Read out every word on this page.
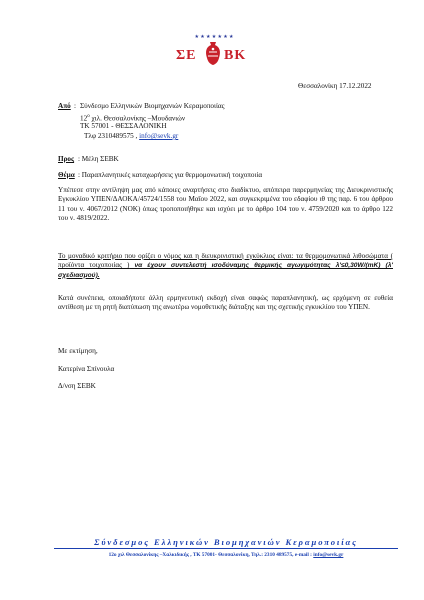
★ ★ ★ ★ ★ ★ ★
ΣΕ ΒΚ
Θεσσαλονίκη 17.12.2022
Από : Σύνδεσμο Ελληνικών Βιομηχανιών Κεραμοποιίας
$12^o$ χιλ. Θεσσαλονίκης –Μουδανιών
ΤΚ 57001 - ΘΕΣΣΑΛΟΝΙΚΗ
Τλφ 2310489575 , info@sevk.gr
Προς : Μέλη ΣΕΒΚ
Θέμα : Παραπλανητικές καταχωρήσεις για θερμομονωτική τοιχοποιία
Υπέπεσε στην αντίληψη μας από κάποιες αναρτήσεις στο διαδίκτυο, απόπειρα παρερμηνείας της Διευκρινιστικής Εγκυκλίου ΥΠΕΝ/ΔΑΟΚΑ/45724/1558 του Μαΐου 2022, και συγκεκριμένα του εδαφίου ιθ της παρ. 6 του άρθρου 11 του ν. 4067/2012 (ΝΟΚ) όπως τροποποιήθηκε και ισχύει με το άρθρο 104 του ν. 4759/2020 και το άρθρο 122 του ν. 4819/2022.
Το μοναδικό κριτήριο που ορίζει ο νόμος και η διευκρινιστική εγκύκλιος είναι: τα θερμομονωτικά λιθοσώματα ( προϊόντα τοιχοποιίας ) να έχουν συντελεστή ισοδύναμης θερμικής αγωγιμότητας λ'≤0,30W/(mK) (λ' σχεδιασμού).
Κατά συνέπεια, οποιαδήποτε άλλη ερμηνευτική εκδοχή είναι σαφώς παραπλανητική, ως ερχόμενη σε ευθεία αντίθεση με τη ρητή διατύπωση της ανωτέρω νομοθετικής διάταξης και της σχετικής εγκυκλίου του ΥΠΕΝ.
Με εκτίμηση,
Κατερίνα Σπίνουλα
Δ/νση ΣΕΒΚ
Σύνδεσμος Ελληνικών Βιομηχανιών Κεραμοποιίας
12ο χιλ Θεσσαλονίκης –Χαλκιδικής , ΤΚ 57001- Θεσσαλονίκη, Τηλ.: 2310 489575, e-mail : info@sevk.gr
